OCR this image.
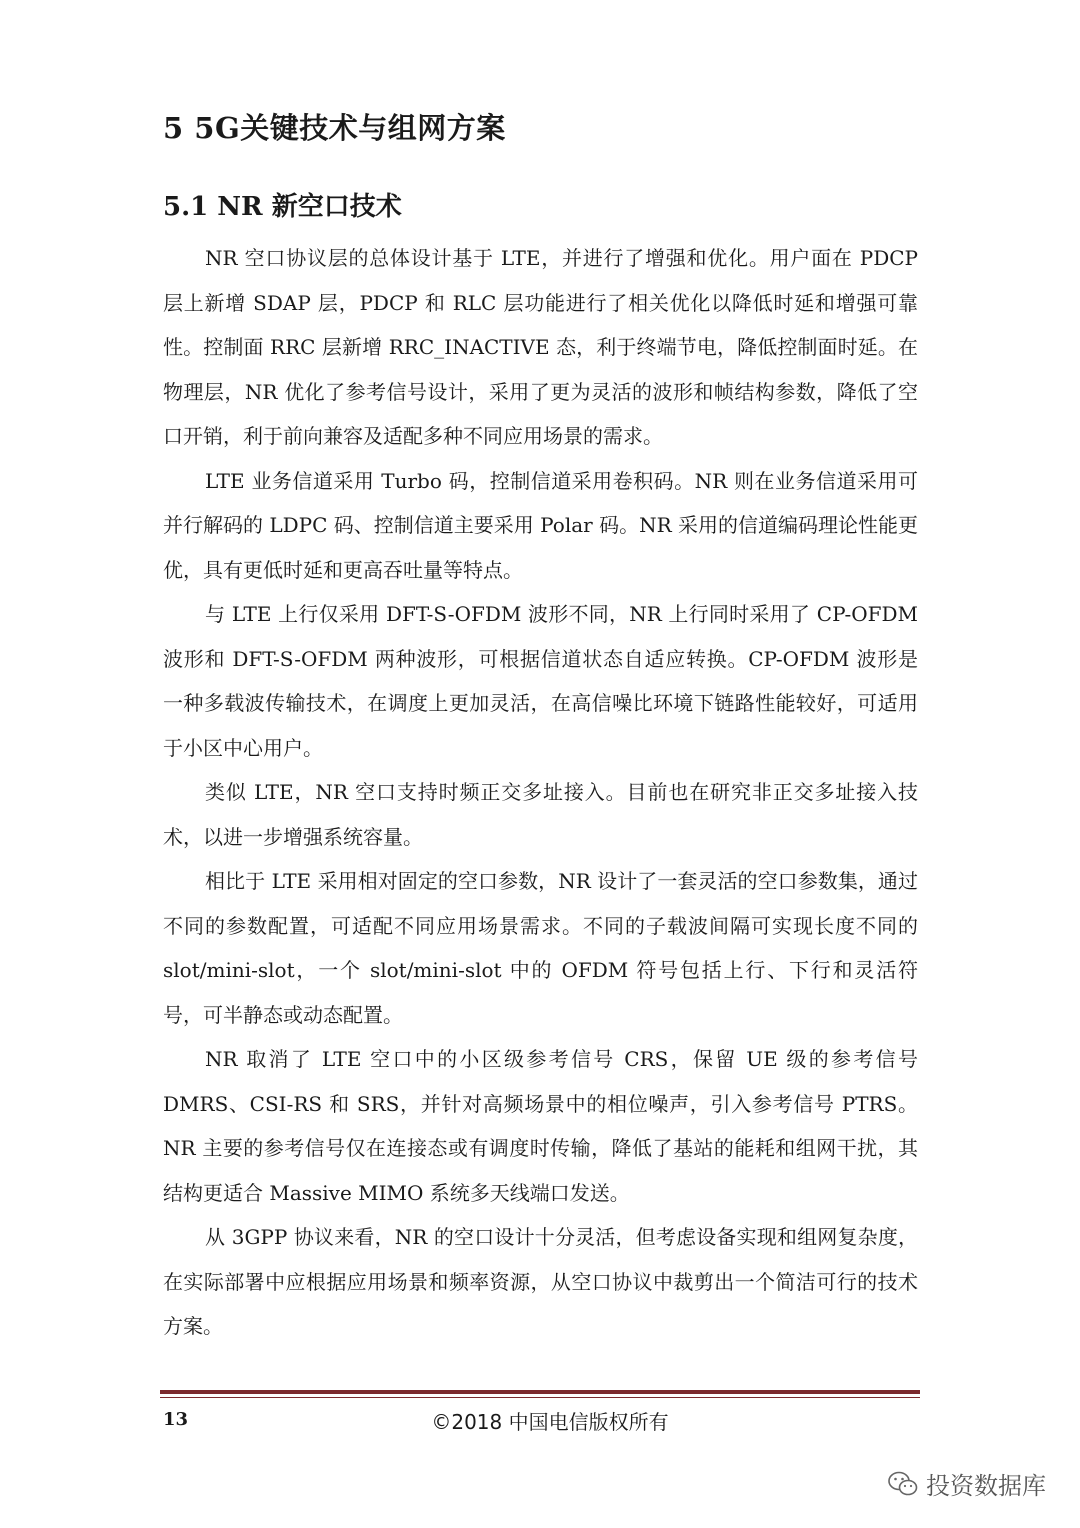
5 5G关键技术与组网方案
5.1 NR 新空口技术

NR 空口协议层的总体设计基于 LTE，并进行了增强和优化。用户面在 PDCP 层上新增 SDAP 层，PDCP 和 RLC 层功能进行了相关优化以降低时延和增强可靠性。控制面 RRC 层新增 RRC_INACTIVE 态，利于终端节电，降低控制面时延。在物理层，NR 优化了参考信号设计，采用了更为灵活的波形和帧结构参数，降低了空口开销，利于前向兼容及适配多种不同应用场景的需求。

LTE 业务信道采用 Turbo 码，控制信道采用卷积码。NR 则在业务信道采用可并行解码的 LDPC 码、控制信道主要采用 Polar 码。NR 采用的信道编码理论性能更优，具有更低时延和更高吞吐量等特点。

与 LTE 上行仅采用 DFT-S-OFDM 波形不同，NR 上行同时采用了 CP-OFDM 波形和 DFT-S-OFDM 两种波形，可根据信道状态自适应转换。CP-OFDM 波形是一种多载波传输技术，在调度上更加灵活，在高信噪比环境下链路性能较好，可适用于小区中心用户。

类似 LTE，NR 空口支持时频正交多址接入。目前也在研究非正交多址接入技术，以进一步增强系统容量。

相比于 LTE 采用相对固定的空口参数，NR 设计了一套灵活的空口参数集，通过不同的参数配置，可适配不同应用场景需求。不同的子载波间隔可实现长度不同的 slot/mini-slot，一个 slot/mini-slot 中的 OFDM 符号包括上行、下行和灵活符号，可半静态或动态配置。

NR 取消了 LTE 空口中的小区级参考信号 CRS，保留 UE 级的参考信号 DMRS、CSI-RS 和 SRS，并针对高频场景中的相位噪声，引入参考信号 PTRS。NR 主要的参考信号仅在连接态或有调度时传输，降低了基站的能耗和组网干扰，其结构更适合 Massive MIMO 系统多天线端口发送。

从 3GPP 协议来看，NR 的空口设计十分灵活，但考虑设备实现和组网复杂度，在实际部署中应根据应用场景和频率资源，从空口协议中裁剪出一个简洁可行的技术方案。

13	©2018 中国电信版权所有
投资数据库
